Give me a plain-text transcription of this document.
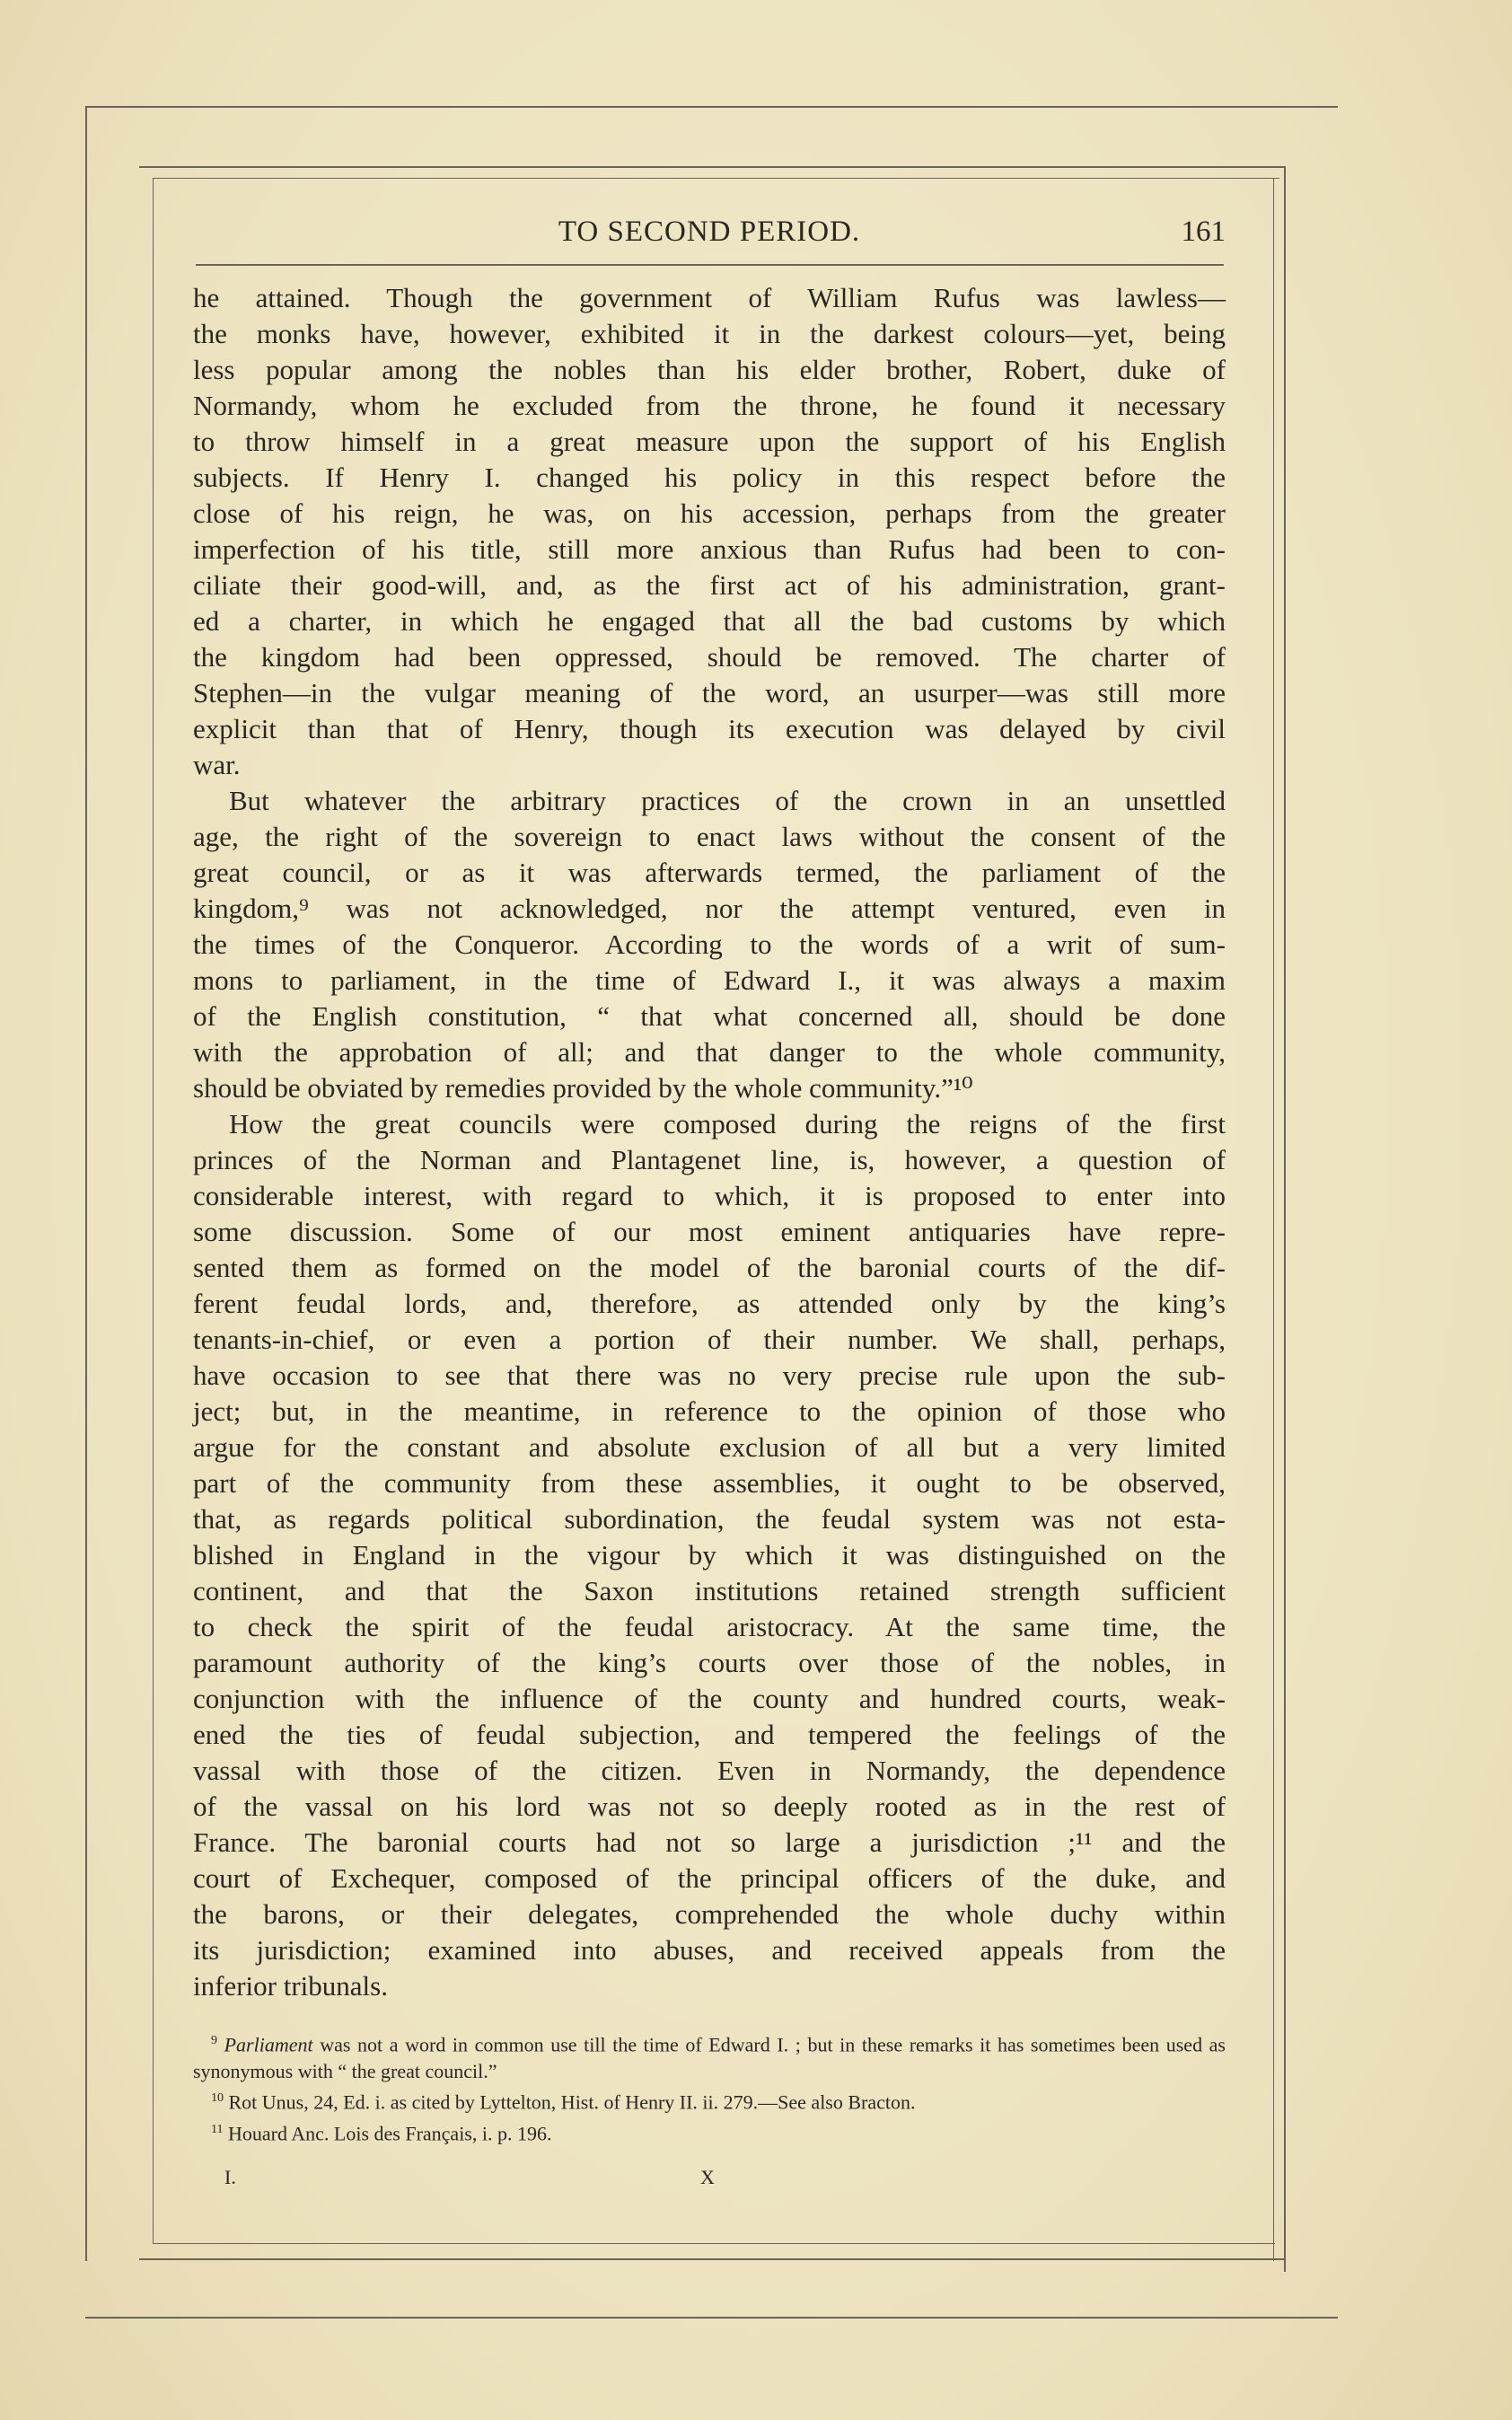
TO SECOND PERIOD.	161
he attained. Though the government of William Rufus was lawless—
the monks have, however, exhibited it in the darkest colours—yet, being
less popular among the nobles than his elder brother, Robert, duke of
Normandy, whom he excluded from the throne, he found it necessary
to throw himself in a great measure upon the support of his English
subjects. If Henry I. changed his policy in this respect before the
close of his reign, he was, on his accession, perhaps from the greater
imperfection of his title, still more anxious than Rufus had been to con-
ciliate their good-will, and, as the first act of his administration, grant-
ed a charter, in which he engaged that all the bad customs by which
the kingdom had been oppressed, should be removed. The charter of
Stephen—in the vulgar meaning of the word, an usurper—was still more
explicit than that of Henry, though its execution was delayed by civil
war.
But whatever the arbitrary practices of the crown in an unsettled
age, the right of the sovereign to enact laws without the consent of the
great council, or as it was afterwards termed, the parliament of the
kingdom,⁹ was not acknowledged, nor the attempt ventured, even in
the times of the Conqueror. According to the words of a writ of sum-
mons to parliament, in the time of Edward I., it was always a maxim
of the English constitution, “ that what concerned all, should be done
with the approbation of all; and that danger to the whole community,
should be obviated by remedies provided by the whole community.”¹⁰
How the great councils were composed during the reigns of the first
princes of the Norman and Plantagenet line, is, however, a question of
considerable interest, with regard to which, it is proposed to enter into
some discussion. Some of our most eminent antiquaries have repre-
sented them as formed on the model of the baronial courts of the dif-
ferent feudal lords, and, therefore, as attended only by the king’s
tenants-in-chief, or even a portion of their number. We shall, perhaps,
have occasion to see that there was no very precise rule upon the sub-
ject; but, in the meantime, in reference to the opinion of those who
argue for the constant and absolute exclusion of all but a very limited
part of the community from these assemblies, it ought to be observed,
that, as regards political subordination, the feudal system was not esta-
blished in England in the vigour by which it was distinguished on the
continent, and that the Saxon institutions retained strength sufficient
to check the spirit of the feudal aristocracy. At the same time, the
paramount authority of the king’s courts over those of the nobles, in
conjunction with the influence of the county and hundred courts, weak-
ened the ties of feudal subjection, and tempered the feelings of the
vassal with those of the citizen. Even in Normandy, the dependence
of the vassal on his lord was not so deeply rooted as in the rest of
France. The baronial courts had not so large a jurisdiction ;¹¹ and the
court of Exchequer, composed of the principal officers of the duke, and
the barons, or their delegates, comprehended the whole duchy within
its jurisdiction; examined into abuses, and received appeals from the
inferior tribunals.
$^9$ Parliament was not a word in common use till the time of Edward I. ; but in these remarks it has sometimes been used as synonymous with “ the great council.”
$^{10}$ Rot Unus, 24, Ed. i. as cited by Lyttelton, Hist. of Henry II. ii. 279.—See also Bracton.
$^{11}$ Houard Anc. Lois des Français, i. p. 196.
I.	X
